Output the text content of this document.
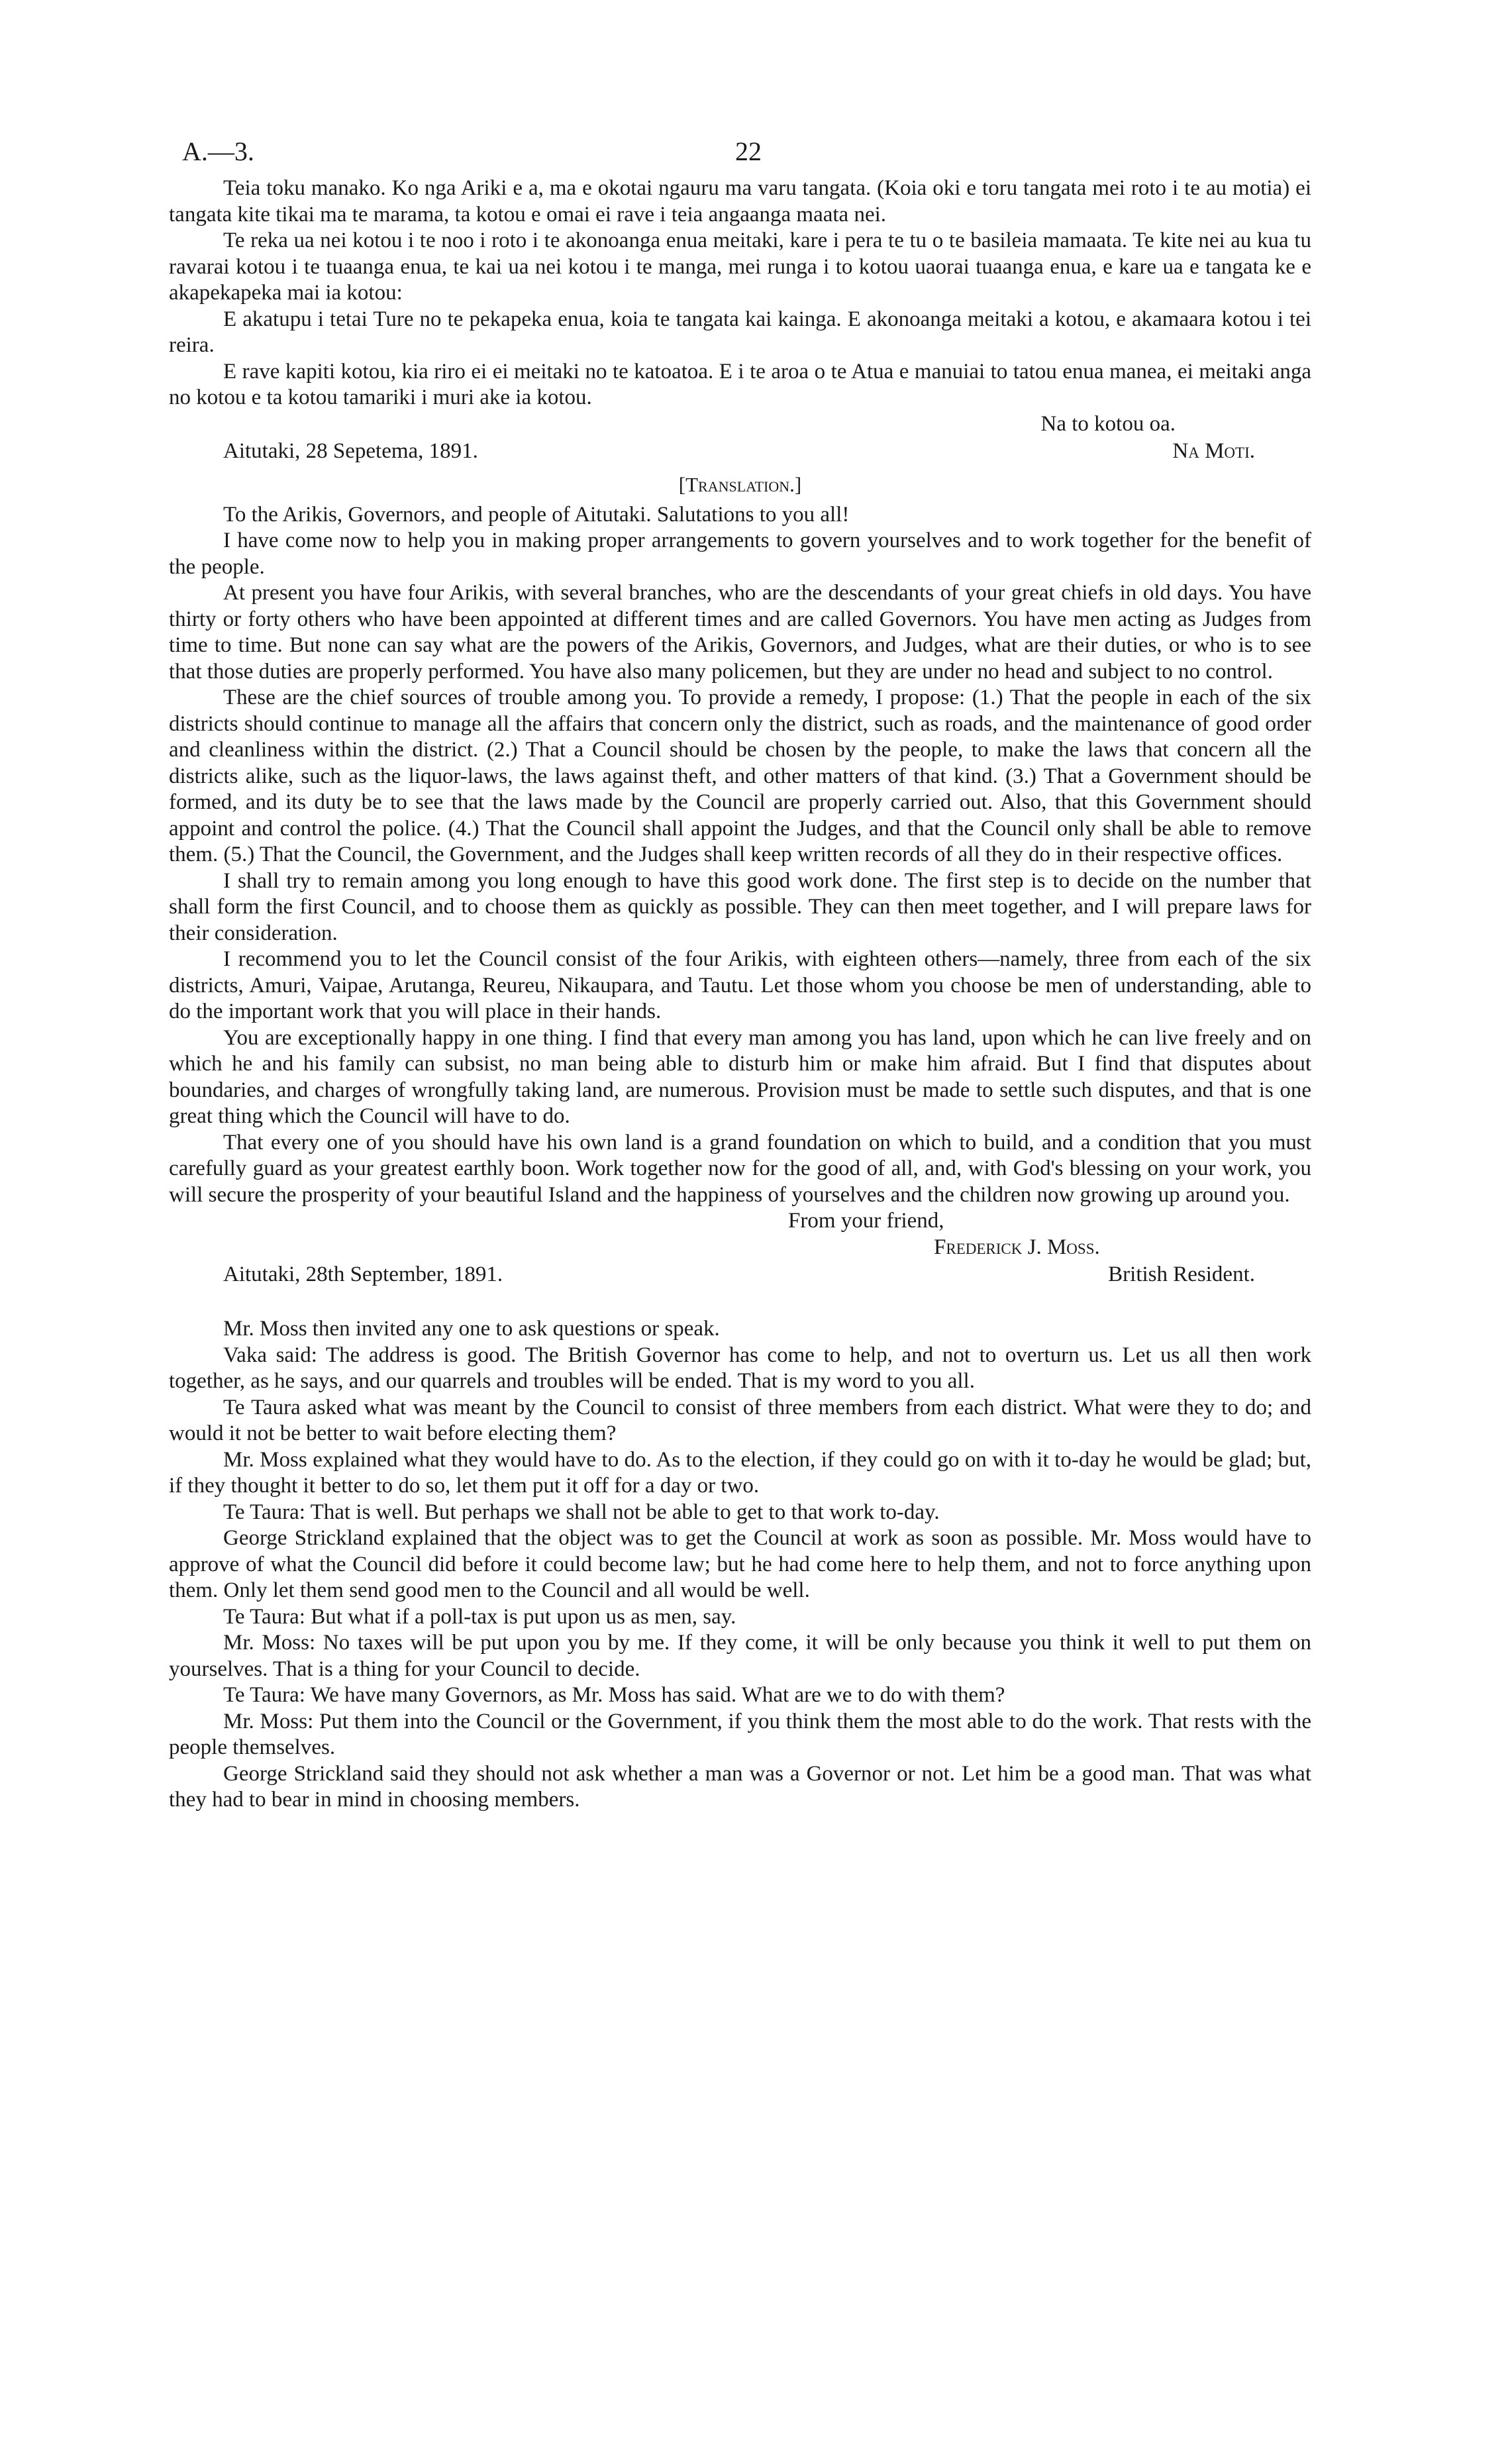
A.—3.	22

Teia toku manako. Ko nga Ariki e a, ma e okotai ngauru ma varu tangata. (Koia oki e toru tangata mei roto i te au motia) ei tangata kite tikai ma te marama, ta kotou e omai ei rave i teia angaanga maata nei.

Te reka ua nei kotou i te noo i roto i te akonoanga enua meitaki, kare i pera te tu o te basileia mamaata. Te kite nei au kua tu ravarai kotou i te tuaanga enua, te kai ua nei kotou i te manga, mei runga i to kotou uaorai tuaanga enua, e kare ua e tangata ke e akapekapeka mai ia kotou:

E akatupu i tetai Ture no te pekapeka enua, koia te tangata kai kainga. E akonoanga meitaki a kotou, e akamaara kotou i tei reira.

E rave kapiti kotou, kia riro ei ei meitaki no te katoatoa. E i te aroa o te Atua e manuiai to tatou enua manea, ei meitaki anga no kotou e ta kotou tamariki i muri ake ia kotou.

Na to kotou oa.
Aitutaki, 28 Sepetema, 1891.	Na Moti.
[Translation.]

To the Arikis, Governors, and people of Aitutaki. Salutations to you all!

I have come now to help you in making proper arrangements to govern yourselves and to work together for the benefit of the people.

At present you have four Arikis, with several branches, who are the descendants of your great chiefs in old days. You have thirty or forty others who have been appointed at different times and are called Governors. You have men acting as Judges from time to time. But none can say what are the powers of the Arikis, Governors, and Judges, what are their duties, or who is to see that those duties are properly performed. You have also many policemen, but they are under no head and subject to no control.

These are the chief sources of trouble among you. To provide a remedy, I propose: (1.) That the people in each of the six districts should continue to manage all the affairs that concern only the district, such as roads, and the maintenance of good order and cleanliness within the district. (2.) That a Council should be chosen by the people, to make the laws that concern all the districts alike, such as the liquor-laws, the laws against theft, and other matters of that kind. (3.) That a Government should be formed, and its duty be to see that the laws made by the Council are properly carried out. Also, that this Government should appoint and control the police. (4.) That the Council shall appoint the Judges, and that the Council only shall be able to remove them. (5.) That the Council, the Government, and the Judges shall keep written records of all they do in their respective offices.

I shall try to remain among you long enough to have this good work done. The first step is to decide on the number that shall form the first Council, and to choose them as quickly as possible. They can then meet together, and I will prepare laws for their consideration.

I recommend you to let the Council consist of the four Arikis, with eighteen others—namely, three from each of the six districts, Amuri, Vaipae, Arutanga, Reureu, Nikaupara, and Tautu. Let those whom you choose be men of understanding, able to do the important work that you will place in their hands.

You are exceptionally happy in one thing. I find that every man among you has land, upon which he can live freely and on which he and his family can subsist, no man being able to disturb him or make him afraid. But I find that disputes about boundaries, and charges of wrongfully taking land, are numerous. Provision must be made to settle such disputes, and that is one great thing which the Council will have to do.

That every one of you should have his own land is a grand foundation on which to build, and a condition that you must carefully guard as your greatest earthly boon. Work together now for the good of all, and, with God's blessing on your work, you will secure the prosperity of your beautiful Island and the happiness of yourselves and the children now growing up around you.

From your friend,
Frederick J. Moss.
Aitutaki, 28th September, 1891.	British Resident.

Mr. Moss then invited any one to ask questions or speak.

Vaka said: The address is good. The British Governor has come to help, and not to overturn us. Let us all then work together, as he says, and our quarrels and troubles will be ended. That is my word to you all.

Te Taura asked what was meant by the Council to consist of three members from each district. What were they to do; and would it not be better to wait before electing them?

Mr. Moss explained what they would have to do. As to the election, if they could go on with it to-day he would be glad; but, if they thought it better to do so, let them put it off for a day or two.

Te Taura: That is well. But perhaps we shall not be able to get to that work to-day.

George Strickland explained that the object was to get the Council at work as soon as possible. Mr. Moss would have to approve of what the Council did before it could become law; but he had come here to help them, and not to force anything upon them. Only let them send good men to the Council and all would be well.

Te Taura: But what if a poll-tax is put upon us as men, say.

Mr. Moss: No taxes will be put upon you by me. If they come, it will be only because you think it well to put them on yourselves. That is a thing for your Council to decide.

Te Taura: We have many Governors, as Mr. Moss has said. What are we to do with them?

Mr. Moss: Put them into the Council or the Government, if you think them the most able to do the work. That rests with the people themselves.

George Strickland said they should not ask whether a man was a Governor or not. Let him be a good man. That was what they had to bear in mind in choosing members.
